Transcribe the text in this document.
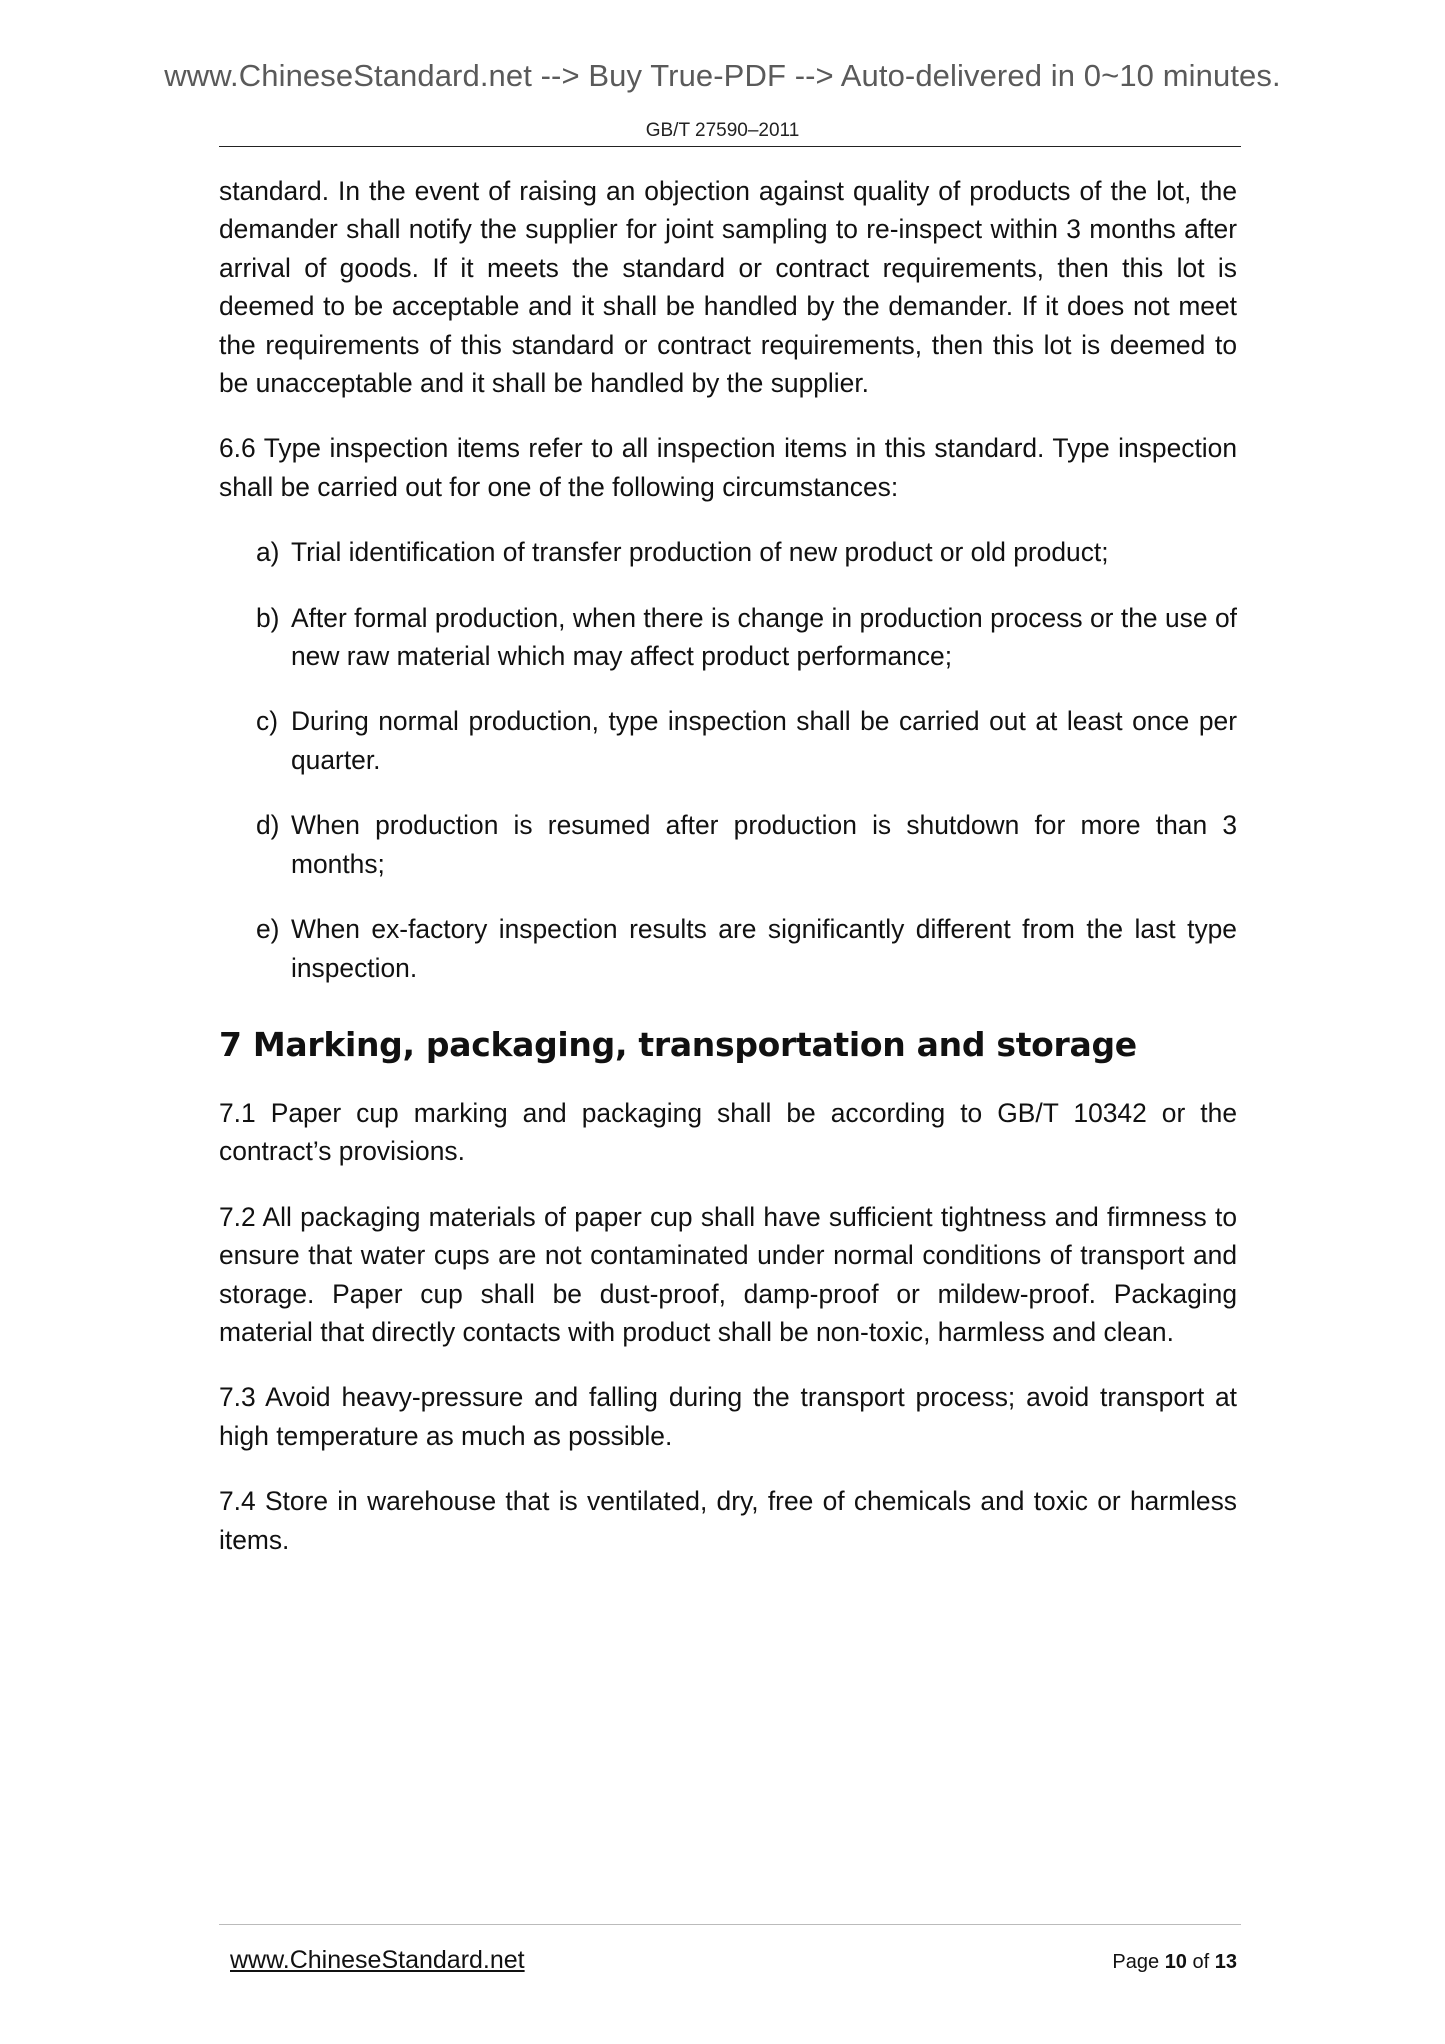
www.ChineseStandard.net --> Buy True-PDF --> Auto-delivered in 0~10 minutes.
GB/T 27590–2011

standard. In the event of raising an objection against quality of products of the lot, the demander shall notify the supplier for joint sampling to re-inspect within 3 months after arrival of goods. If it meets the standard or contract requirements, then this lot is deemed to be acceptable and it shall be handled by the demander. If it does not meet the requirements of this standard or contract requirements, then this lot is deemed to be unacceptable and it shall be handled by the supplier.

6.6 Type inspection items refer to all inspection items in this standard. Type inspection shall be carried out for one of the following circumstances:

a) Trial identification of transfer production of new product or old product;
b) After formal production, when there is change in production process or the use of new raw material which may affect product performance;
c) During normal production, type inspection shall be carried out at least once per quarter.
d) When production is resumed after production is shutdown for more than 3 months;
e) When ex-factory inspection results are significantly different from the last type inspection.
7 Marking, packaging, transportation and storage

7.1 Paper cup marking and packaging shall be according to GB/T 10342 or the contract’s provisions.

7.2 All packaging materials of paper cup shall have sufficient tightness and firmness to ensure that water cups are not contaminated under normal conditions of transport and storage. Paper cup shall be dust-proof, damp-proof or mildew-proof. Packaging material that directly contacts with product shall be non-toxic, harmless and clean.

7.3 Avoid heavy-pressure and falling during the transport process; avoid transport at high temperature as much as possible.

7.4 Store in warehouse that is ventilated, dry, free of chemicals and toxic or harmless items.

www.ChineseStandard.net	Page 10 of 13
